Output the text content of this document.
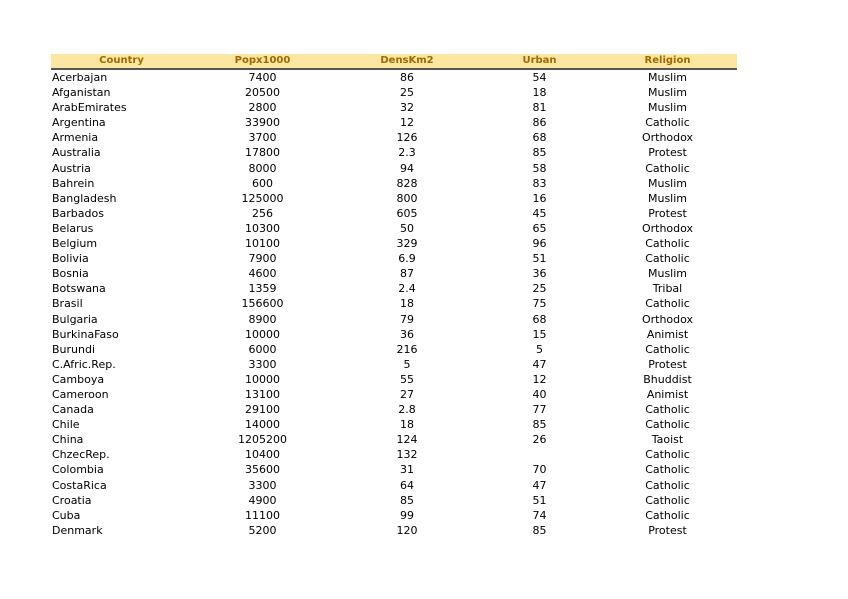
Country	Popx1000	DensKm2	Urban	Religion
Acerbajan	7400	86	54	Muslim
Afganistan	20500	25	18	Muslim
ArabEmirates	2800	32	81	Muslim
Argentina	33900	12	86	Catholic
Armenia	3700	126	68	Orthodox
Australia	17800	2.3	85	Protest
Austria	8000	94	58	Catholic
Bahrein	600	828	83	Muslim
Bangladesh	125000	800	16	Muslim
Barbados	256	605	45	Protest
Belarus	10300	50	65	Orthodox
Belgium	10100	329	96	Catholic
Bolivia	7900	6.9	51	Catholic
Bosnia	4600	87	36	Muslim
Botswana	1359	2.4	25	Tribal
Brasil	156600	18	75	Catholic
Bulgaria	8900	79	68	Orthodox
BurkinaFaso	10000	36	15	Animist
Burundi	6000	216	5	Catholic
C.Afric.Rep.	3300	5	47	Protest
Camboya	10000	55	12	Bhuddist
Cameroon	13100	27	40	Animist
Canada	29100	2.8	77	Catholic
Chile	14000	18	85	Catholic
China	1205200	124	26	Taoist
ChzecRep.	10400	132		Catholic
Colombia	35600	31	70	Catholic
CostaRica	3300	64	47	Catholic
Croatia	4900	85	51	Catholic
Cuba	11100	99	74	Catholic
Denmark	5200	120	85	Protest
